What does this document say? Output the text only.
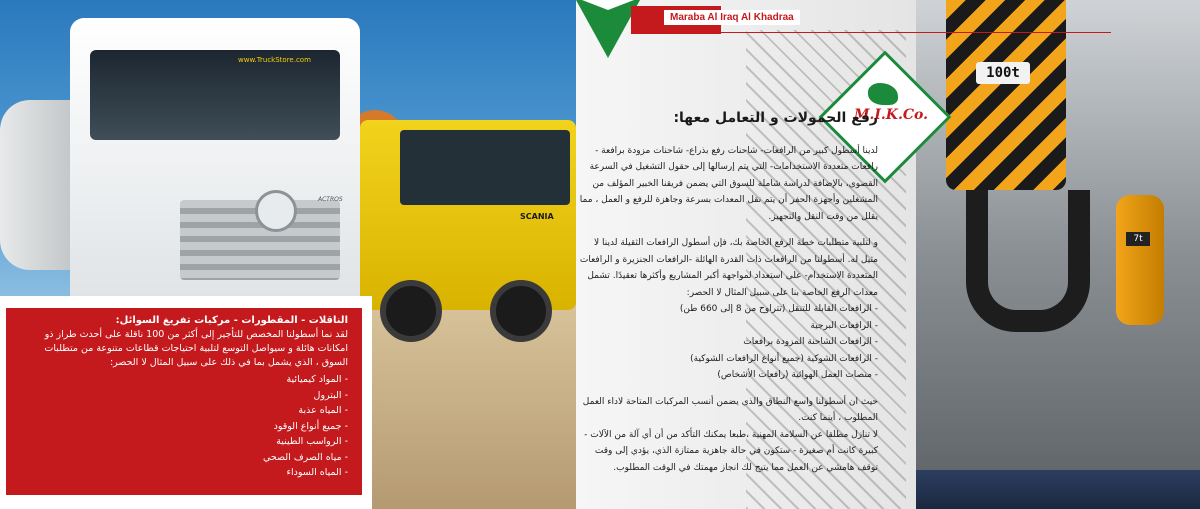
SCANIA
www.TruckStore.com
ACTROS
الناقلات - المقطورات - مركبات تفريغ السوائل:
لقد نما أسطولنا المخصص للتأجير إلى أكثر من 100 ناقلة على أحدث طراز ذو امكانات هائلة و سيواصل التوسع لتلبية احتياجات قطاعات متنوعة من متطلبات السوق ، الذي يشمل بما في ذلك على سبيل المثال لا الحصر:
- المواد كيميائية
- البترول
- المياه عذبة
- جميع أنواع الوقود
- الرواسب الطينية
- مياه الصرف الصحي
- المياه السوداء
100t
7t
Maraba Al Iraq Al Khadraa
M.I.K.Co.
رفع الحمولات و التعامل معها:
لدينا أسطول كبير من الرافعات- شاحنات رفع بذراع- شاحنات مزودة برافعة - رافعات متعددة الاستخدامات- التي يتم إرسالها إلى حقول التشغيل في السرعة القصوى، بالإضافة لدراسة شاملة للسوق التي يضمن فريقنا الخبير المؤلف من المشغلين وأجهزة الحفر أن يتم نقل المعدات بسرعة وجاهزة للرفع و العمل ، مما يقلل من وقت النقل والتجهيز.
و لتلبية متطلبات خطة الرفع الخاصة بك، فإن أسطول الرافعات الثقيلة لدينا لا مثيل له. أسطولنا من الرافعات ذات القدرة الهائلة -الرافعات الجنزيرة و الرافعات المتعددة الاستخدام- على استعداد لمواجهة أكبر المشاريع وأكثرها تعقيدًا. تشمل معدات الرفع الخاصة بنا على سبيل المثال لا الحصر:
- الرافعات القابلة للتنقل (تتراوح من 8 إلى 660 طن)
- الرافعات البرجية
- الرافعات الشاحنة المزودة برافعات
- الرافعات الشوكية (جميع أنواع الرافعات الشوكية)
- منصات العمل الهوائية (رافعات الأشخاص)
حيث ان أسطولنا واسع النطاق والذي يضمن أنسب المركبات المتاحة لاداء العمل المطلوب ، أينما كنت.
لا تنازل مطلقا عن السلامة المهنية ،طبعا يمكنك التأكد من أن أي آلة من الآلات - كبيرة كانت أم صغيرة - ستكون في حالة جاهزية ممتازة الذي، يؤدي إلى وقت توقف هامشي عن العمل مما يتيح لك انجاز مهمتك في الوقت المطلوب.
